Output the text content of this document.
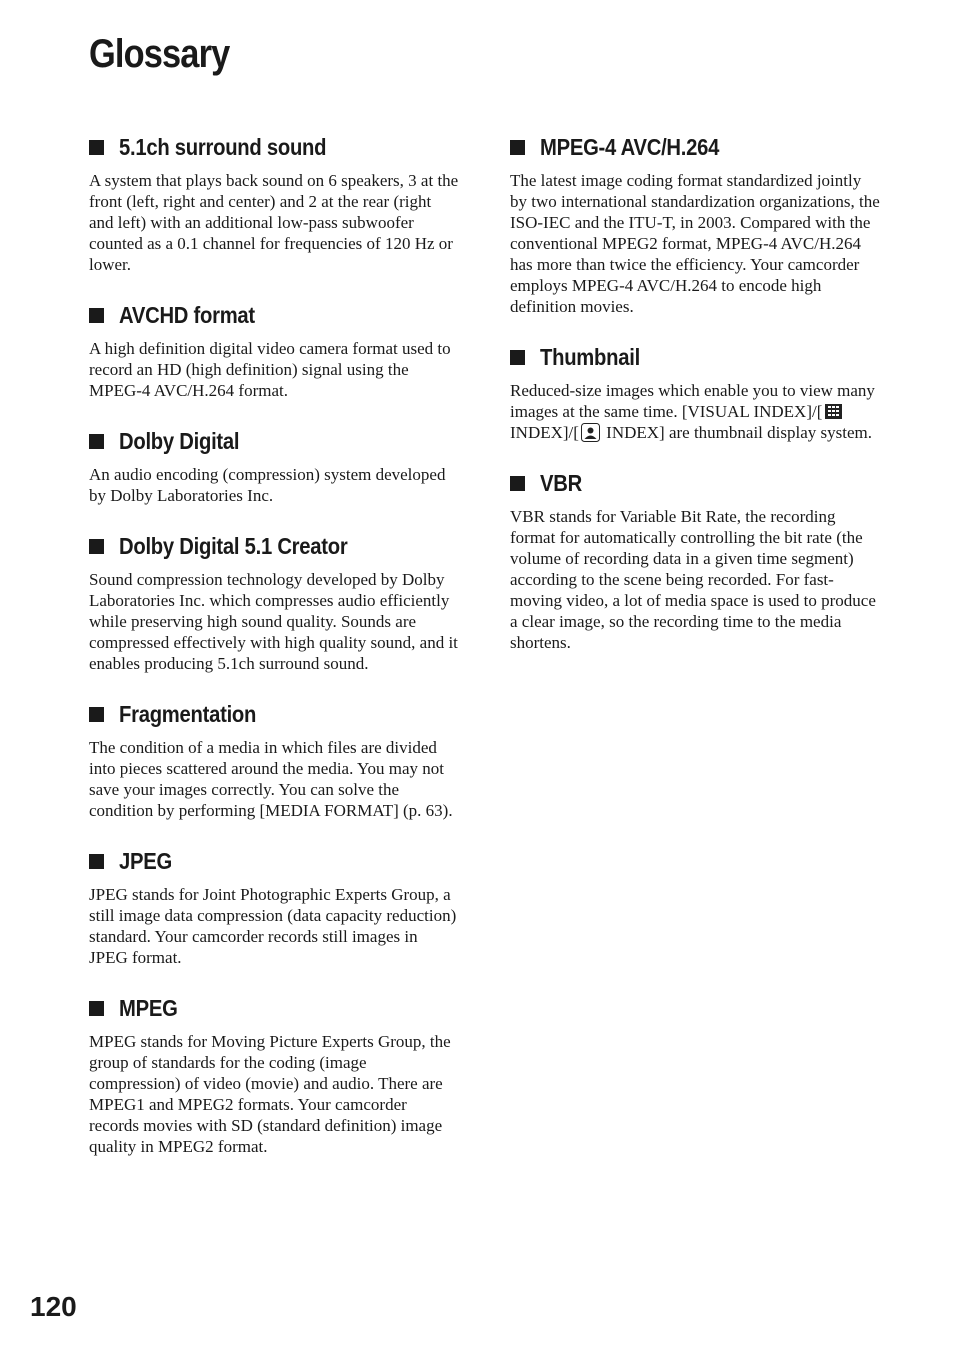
Glossary
5.1ch surround sound

A system that plays back sound on 6 speakers, 3 at the front (left, right and center) and 2 at the rear (right and left) with an additional low-pass subwoofer counted as a 0.1 channel for frequencies of 120 Hz or lower.

AVCHD format

A high definition digital video camera format used to record an HD (high definition) signal using the MPEG-4 AVC/H.264 format.

Dolby Digital

An audio encoding (compression) system developed by Dolby Laboratories Inc.

Dolby Digital 5.1 Creator

Sound compression technology developed by Dolby Laboratories Inc. which compresses audio efficiently while preserving high sound quality. Sounds are compressed effectively with high quality sound, and it enables producing 5.1ch surround sound.

Fragmentation

The condition of a media in which files are divided into pieces scattered around the media. You may not save your images correctly. You can solve the condition by performing [MEDIA FORMAT] (p. 63).

JPEG

JPEG stands for Joint Photographic Experts Group, a still image data compression (data capacity reduction) standard. Your camcorder records still images in JPEG format.

MPEG

MPEG stands for Moving Picture Experts Group, the group of standards for the coding (image compression) of video (movie) and audio. There are MPEG1 and MPEG2 formats. Your camcorder records movies with SD (standard definition) image quality in MPEG2 format.

MPEG-4 AVC/H.264

The latest image coding format standardized jointly by two international standardization organizations, the ISO-IEC and the ITU-T, in 2003. Compared with the conventional MPEG2 format, MPEG-4 AVC/H.264 has more than twice the efficiency. Your camcorder employs MPEG-4 AVC/H.264 to encode high definition movies.

Thumbnail

Reduced-size images which enable you to view many images at the same time. [VISUAL INDEX]/[ INDEX]/[ INDEX] are thumbnail display system.

VBR

VBR stands for Variable Bit Rate, the recording format for automatically controlling the bit rate (the volume of recording data in a given time segment) according to the scene being recorded. For fast-moving video, a lot of media space is used to produce a clear image, so the recording time to the media shortens.

120
